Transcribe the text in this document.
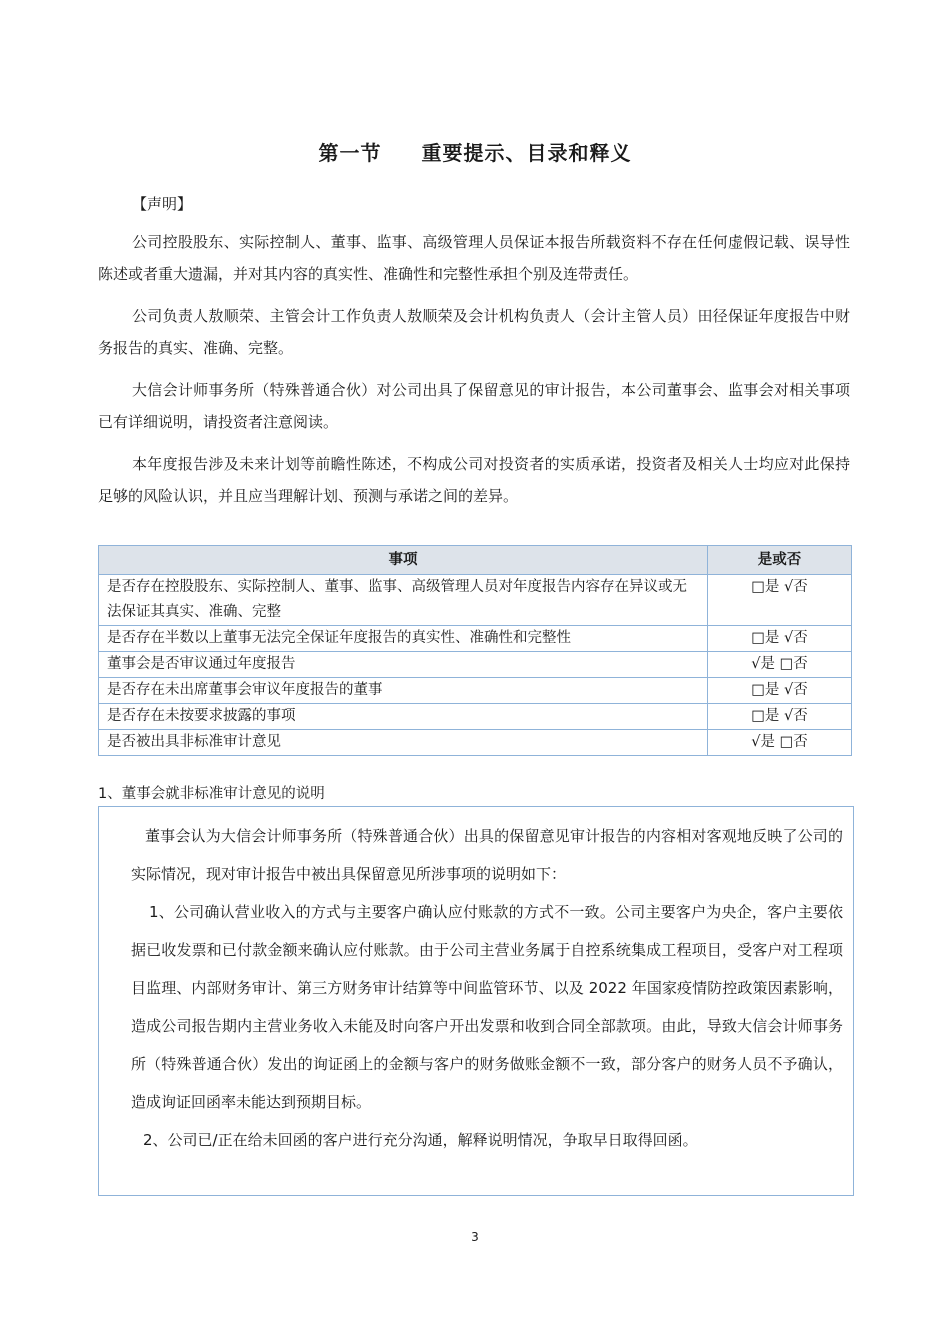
第一节 重要提示、目录和释义
【声明】
公司控股股东、实际控制人、董事、监事、高级管理人员保证本报告所载资料不存在任何虚假记载、误导性陈述或者重大遗漏，并对其内容的真实性、准确性和完整性承担个别及连带责任。
公司负责人敖顺荣、主管会计工作负责人敖顺荣及会计机构负责人（会计主管人员）田径保证年度报告中财务报告的真实、准确、完整。
大信会计师事务所（特殊普通合伙）对公司出具了保留意见的审计报告，本公司董事会、监事会对相关事项已有详细说明，请投资者注意阅读。
本年度报告涉及未来计划等前瞻性陈述，不构成公司对投资者的实质承诺，投资者及相关人士均应对此保持足够的风险认识，并且应当理解计划、预测与承诺之间的差异。
事项	是或否
是否存在控股股东、实际控制人、董事、监事、高级管理人员对年度报告内容存在异议或无法保证其真实、准确、完整	□是 √否
是否存在半数以上董事无法完全保证年度报告的真实性、准确性和完整性	□是 √否
董事会是否审议通过年度报告	√是 □否
是否存在未出席董事会审议年度报告的董事	□是 √否
是否存在未按要求披露的事项	□是 √否
是否被出具非标准审计意见	√是 □否
1、董事会就非标准审计意见的说明

董事会认为大信会计师事务所（特殊普通合伙）出具的保留意见审计报告的内容相对客观地反映了公司的实际情况，现对审计报告中被出具保留意见所涉事项的说明如下：

1、公司确认营业收入的方式与主要客户确认应付账款的方式不一致。公司主要客户为央企，客户主要依据已收发票和已付款金额来确认应付账款。由于公司主营业务属于自控系统集成工程项目，受客户对工程项目监理、内部财务审计、第三方财务审计结算等中间监管环节、以及 2022 年国家疫情防控政策因素影响，造成公司报告期内主营业务收入未能及时向客户开出发票和收到合同全部款项。由此，导致大信会计师事务所（特殊普通合伙）发出的询证函上的金额与客户的财务做账金额不一致，部分客户的财务人员不予确认，造成询证回函率未能达到预期目标。

2、公司已/正在给未回函的客户进行充分沟通，解释说明情况，争取早日取得回函。

3
